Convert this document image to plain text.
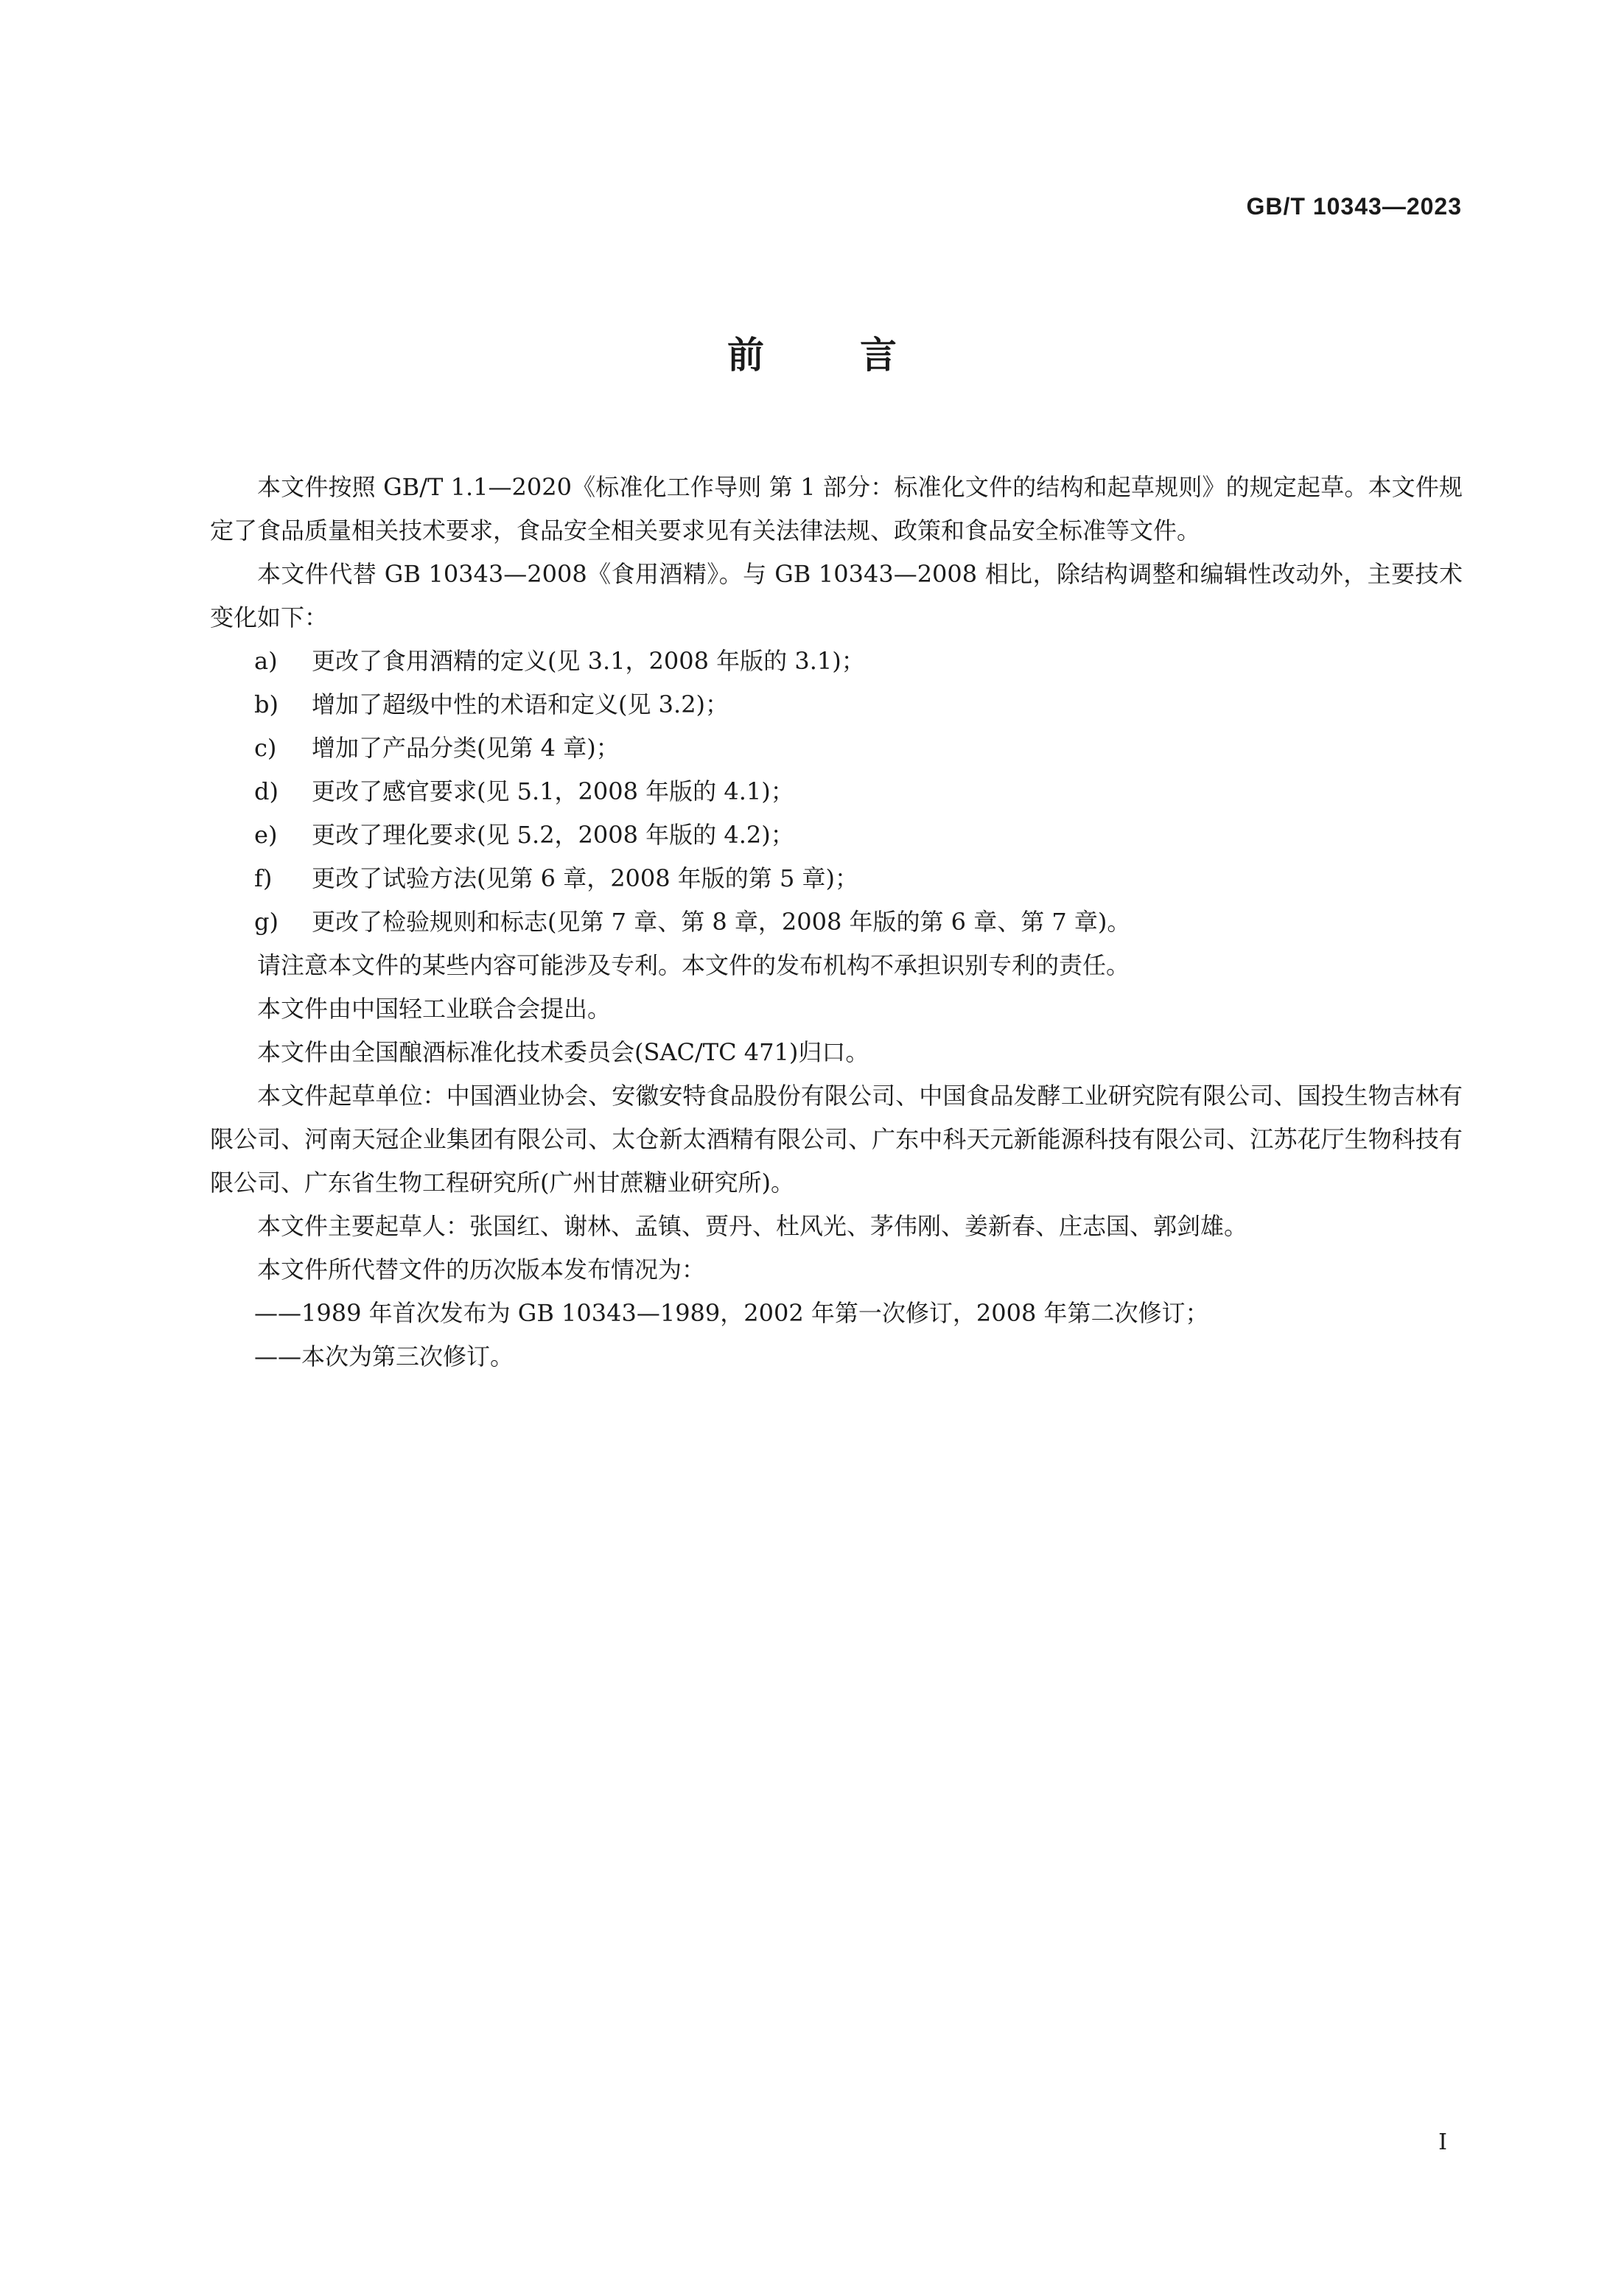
GB/T 10343—2023
前	言

本文件按照 GB/T 1.1—2020《标准化工作导则 第 1 部分：标准化文件的结构和起草规则》的规定起草。本文件规定了食品质量相关技术要求，食品安全相关要求见有关法律法规、政策和食品安全标准等文件。

本文件代替 GB 10343—2008《食用酒精》。与 GB 10343—2008 相比，除结构调整和编辑性改动外，主要技术变化如下：

a) 更改了食用酒精的定义(见 3.1，2008 年版的 3.1)；

b) 增加了超级中性的术语和定义(见 3.2)；

c) 增加了产品分类(见第 4 章)；

d) 更改了感官要求(见 5.1，2008 年版的 4.1)；

e) 更改了理化要求(见 5.2，2008 年版的 4.2)；

f) 更改了试验方法(见第 6 章，2008 年版的第 5 章)；

g) 更改了检验规则和标志(见第 7 章、第 8 章，2008 年版的第 6 章、第 7 章)。

请注意本文件的某些内容可能涉及专利。本文件的发布机构不承担识别专利的责任。

本文件由中国轻工业联合会提出。

本文件由全国酿酒标准化技术委员会(SAC/TC 471)归口。

本文件起草单位：中国酒业协会、安徽安特食品股份有限公司、中国食品发酵工业研究院有限公司、国投生物吉林有限公司、河南天冠企业集团有限公司、太仓新太酒精有限公司、广东中科天元新能源科技有限公司、江苏花厅生物科技有限公司、广东省生物工程研究所(广州甘蔗糖业研究所)。

本文件主要起草人：张国红、谢林、孟镇、贾丹、杜风光、茅伟刚、姜新春、庄志国、郭剑雄。

本文件所代替文件的历次版本发布情况为：

——1989 年首次发布为 GB 10343—1989，2002 年第一次修订，2008 年第二次修订；

——本次为第三次修订。

I
